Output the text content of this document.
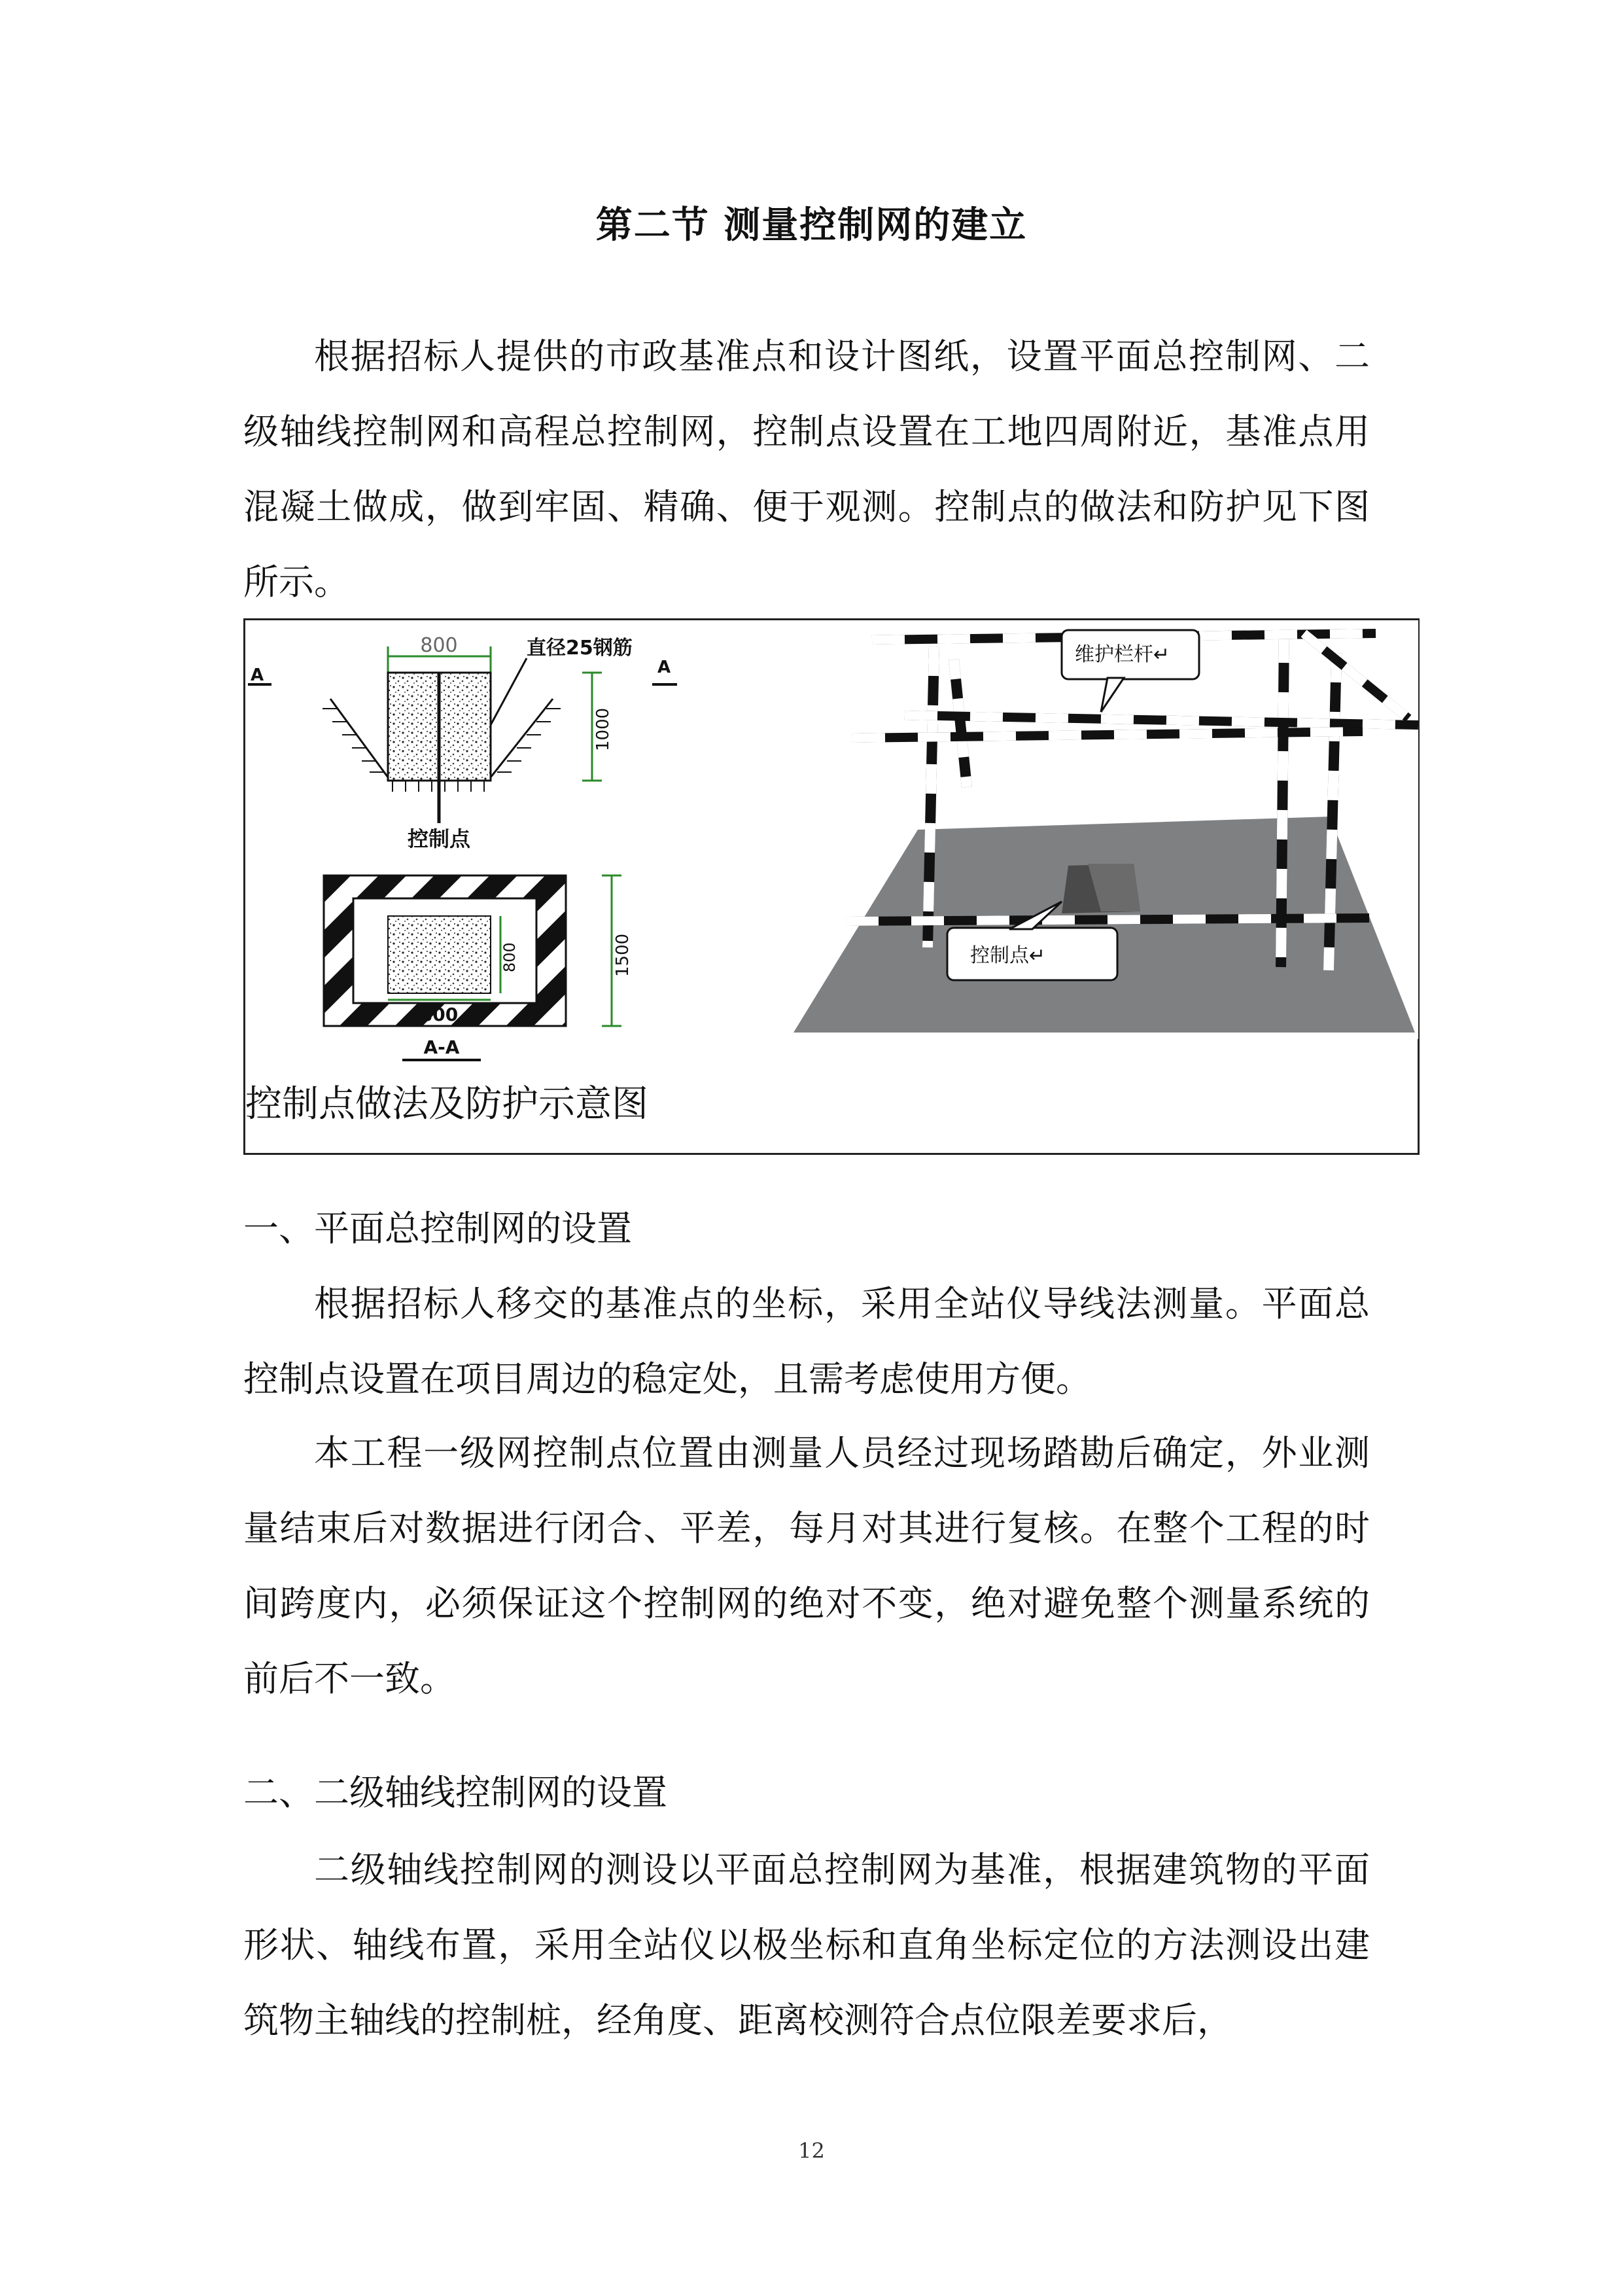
第二节 测量控制网的建立

根据招标人提供的市政基准点和设计图纸，设置平面总控制网、二级轴线控制网和高程总控制网，控制点设置在工地四周附近，基准点用混凝土做成，做到牢固、精确、便于观测。控制点的做法和防护见下图所示。

800	直径25钢筋
A	A
1000
控制点
800
800	1500
A-A
维护栏杆↵
控制点↵
控制点做法及防护示意图
一、平面总控制网的设置

根据招标人移交的基准点的坐标，采用全站仪导线法测量。平面总控制点设置在项目周边的稳定处，且需考虑使用方便。

本工程一级网控制点位置由测量人员经过现场踏勘后确定，外业测量结束后对数据进行闭合、平差，每月对其进行复核。在整个工程的时间跨度内，必须保证这个控制网的绝对不变，绝对避免整个测量系统的前后不一致。

二、二级轴线控制网的设置

二级轴线控制网的测设以平面总控制网为基准，根据建筑物的平面形状、轴线布置，采用全站仪以极坐标和直角坐标定位的方法测设出建筑物主轴线的控制桩，经角度、距离校测符合点位限差要求后，

12
